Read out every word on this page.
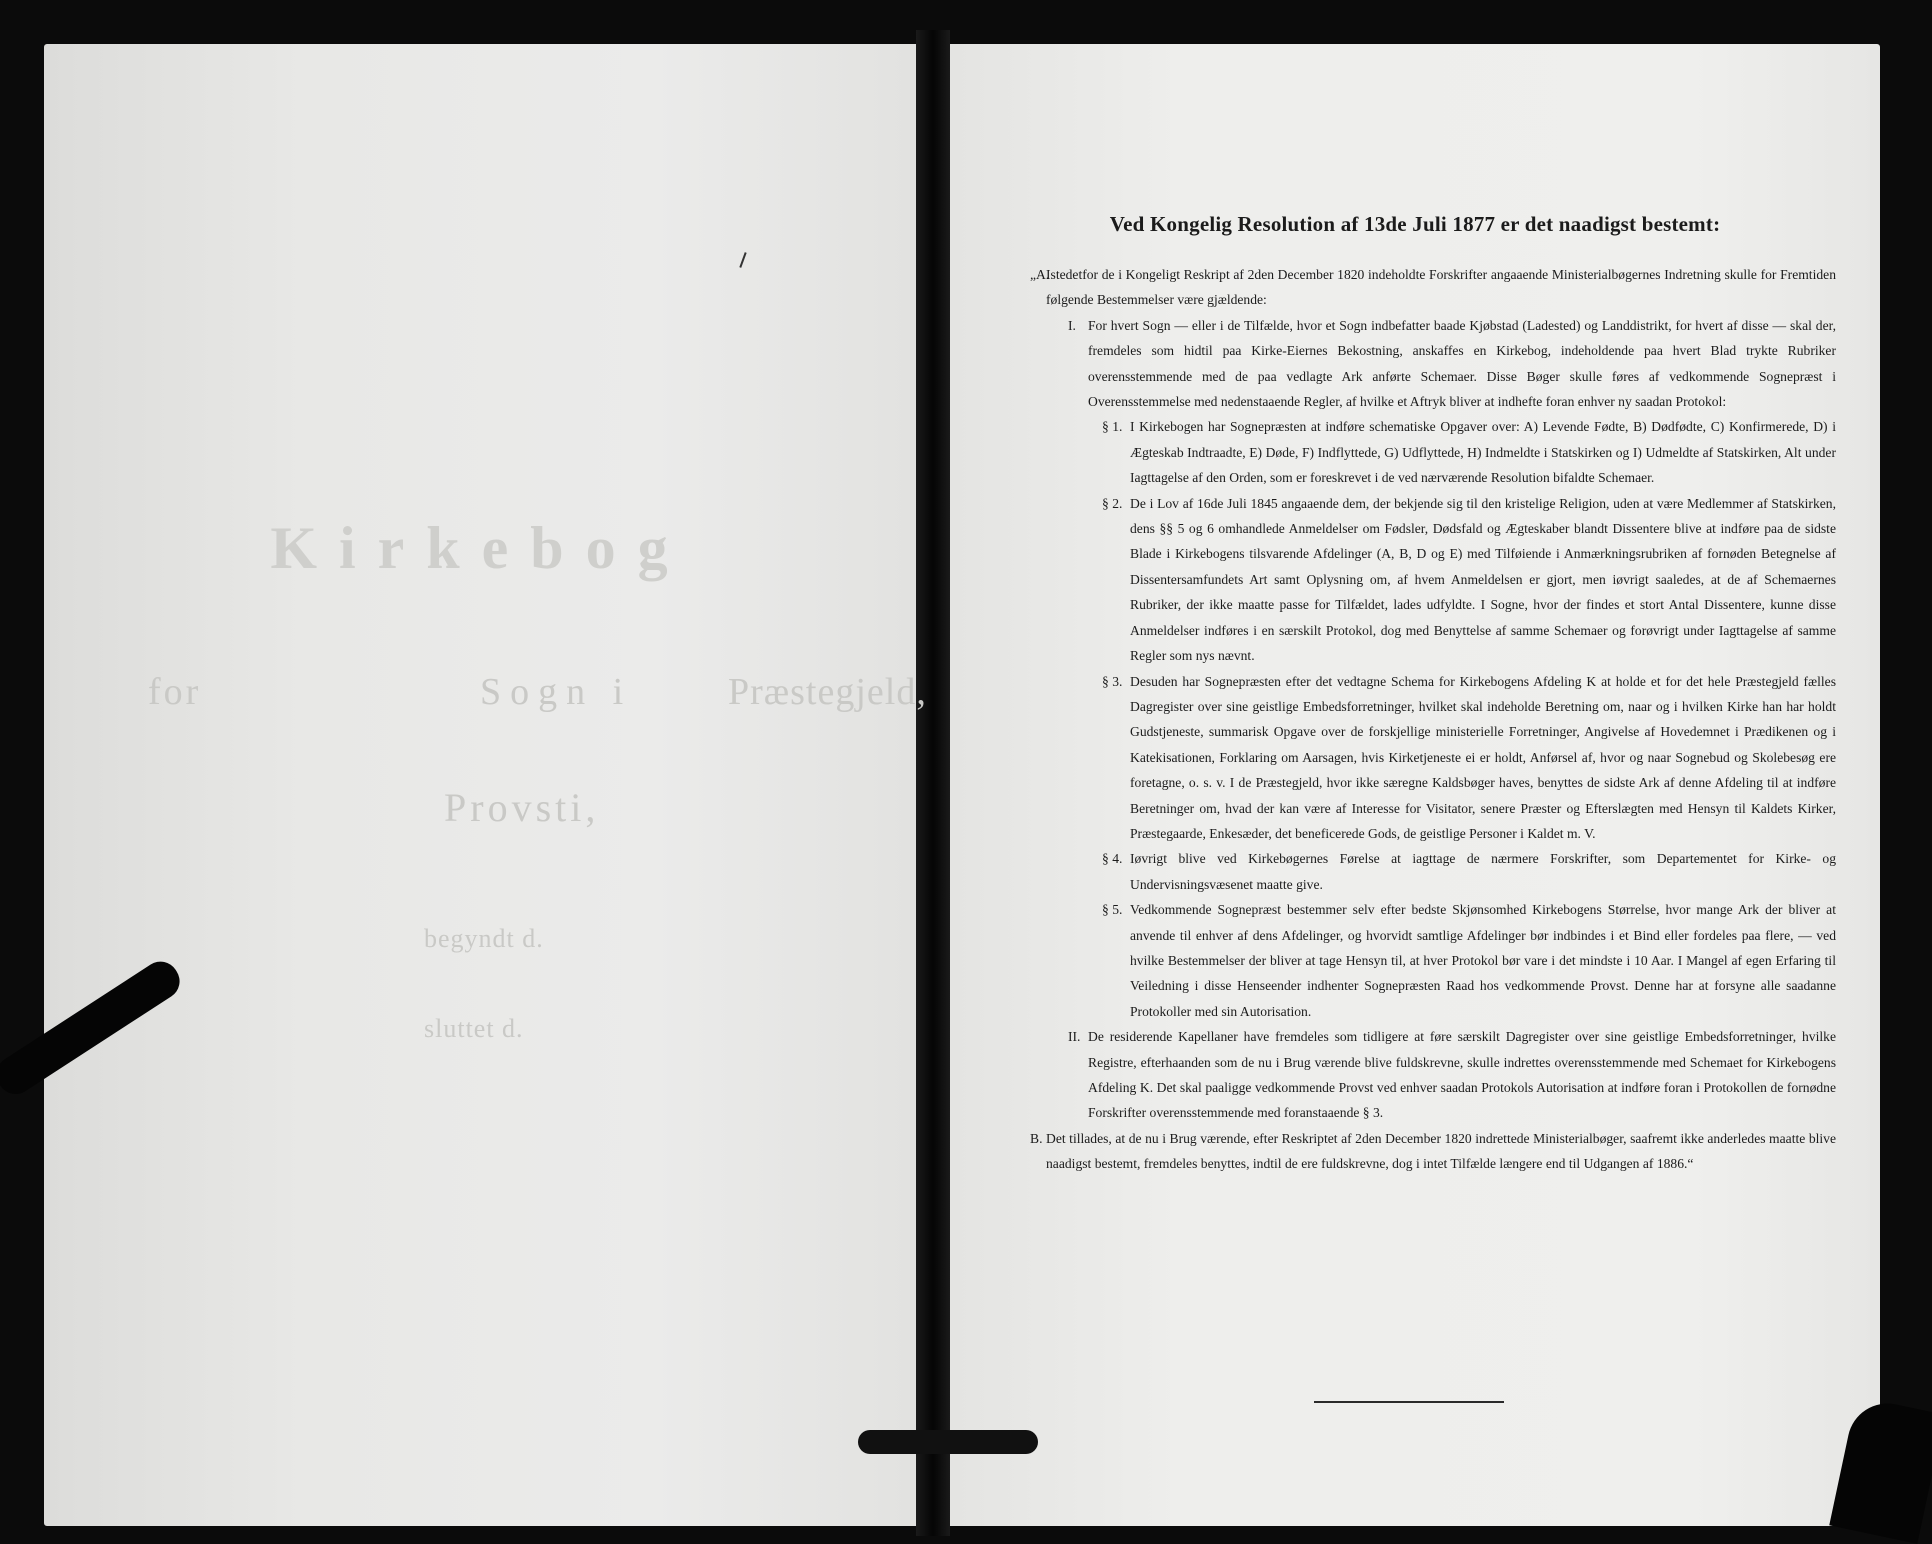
Kirkebog
for	Sogn i	Præstegjeld,
Provsti,
begyndt d.
sluttet d.
Ved Kongelig Resolution af 13de Juli 1877 er det naadigst bestemt:
„A.
Istedetfor de i Kongeligt Reskript af 2den December 1820 indeholdte Forskrifter angaaende Ministerialbøgernes Indretning skulle for Fremtiden følgende Bestemmelser være gjældende:
I. For hvert Sogn — eller i de Tilfælde, hvor et Sogn indbefatter baade Kjøbstad (Ladested) og Landdistrikt, for hvert af disse — skal der, fremdeles som hidtil paa Kirke-Eiernes Bekostning, anskaffes en Kirkebog, indeholdende paa hvert Blad trykte Rubriker overensstemmende med de paa vedlagte Ark anførte Schemaer. Disse Bøger skulle føres af vedkommende Sognepræst i Overensstemmelse med nedenstaaende Regler, af hvilke et Aftryk bliver at indhefte foran enhver ny saadan Protokol:
§ 1. I Kirkebogen har Sognepræsten at indføre schematiske Opgaver over: A) Levende Fødte, B) Dødfødte, C) Konfirmerede, D) i Ægteskab Indtraadte, E) Døde, F) Indflyttede, G) Udflyttede, H) Indmeldte i Statskirken og I) Udmeldte af Statskirken, Alt under Iagttagelse af den Orden, som er foreskrevet i de ved nærværende Resolution bifaldte Schemaer.
§ 2. De i Lov af 16de Juli 1845 angaaende dem, der bekjende sig til den kristelige Religion, uden at være Medlemmer af Statskirken, dens §§ 5 og 6 omhandlede Anmeldelser om Fødsler, Dødsfald og Ægteskaber blandt Dissentere blive at indføre paa de sidste Blade i Kirkebogens tilsvarende Afdelinger (A, B, D og E) med Tilføiende i Anmærkningsrubriken af fornøden Betegnelse af Dissentersamfundets Art samt Oplysning om, af hvem Anmeldelsen er gjort, men iøvrigt saaledes, at de af Schemaernes Rubriker, der ikke maatte passe for Tilfældet, lades udfyldte. I Sogne, hvor der findes et stort Antal Dissentere, kunne disse Anmeldelser indføres i en særskilt Protokol, dog med Benyttelse af samme Schemaer og forøvrigt under Iagttagelse af samme Regler som nys nævnt.
§ 3. Desuden har Sognepræsten efter det vedtagne Schema for Kirkebogens Afdeling K at holde et for det hele Præstegjeld fælles Dagregister over sine geistlige Embedsforretninger, hvilket skal indeholde Beretning om, naar og i hvilken Kirke han har holdt Gudstjeneste, summarisk Opgave over de forskjellige ministerielle Forretninger, Angivelse af Hovedemnet i Prædikenen og i Katekisationen, Forklaring om Aarsagen, hvis Kirketjeneste ei er holdt, Anførsel af, hvor og naar Sognebud og Skolebesøg ere foretagne, o. s. v. I de Præstegjeld, hvor ikke særegne Kaldsbøger haves, benyttes de sidste Ark af denne Afdeling til at indføre Beretninger om, hvad der kan være af Interesse for Visitator, senere Præster og Efterslægten med Hensyn til Kaldets Kirker, Præstegaarde, Enkesæder, det beneficerede Gods, de geistlige Personer i Kaldet m. V.
§ 4. Iøvrigt blive ved Kirkebøgernes Førelse at iagttage de nærmere Forskrifter, som Departementet for Kirke- og Undervisningsvæsenet maatte give.
§ 5. Vedkommende Sognepræst bestemmer selv efter bedste Skjønsomhed Kirkebogens Størrelse, hvor mange Ark der bliver at anvende til enhver af dens Afdelinger, og hvorvidt samtlige Afdelinger bør indbindes i et Bind eller fordeles paa flere, — ved hvilke Bestemmelser der bliver at tage Hensyn til, at hver Protokol bør vare i det mindste i 10 Aar. I Mangel af egen Erfaring til Veiledning i disse Henseender indhenter Sognepræsten Raad hos vedkommende Provst. Denne har at forsyne alle saadanne Protokoller med sin Autorisation.
II. De residerende Kapellaner have fremdeles som tidligere at føre særskilt Dagregister over sine geistlige Embedsforretninger, hvilke Registre, efterhaanden som de nu i Brug værende blive fuldskrevne, skulle indrettes overensstemmende med Schemaet for Kirkebogens Afdeling K. Det skal paaligge vedkommende Provst ved enhver saadan Protokols Autorisation at indføre foran i Protokollen de fornødne Forskrifter overensstemmende med foranstaaende § 3.
B. Det tillades, at de nu i Brug værende, efter Reskriptet af 2den December 1820 indrettede Ministerialbøger, saafremt ikke anderledes maatte blive naadigst bestemt, fremdeles benyttes, indtil de ere fuldskrevne, dog i intet Tilfælde længere end til Udgangen af 1886.“
